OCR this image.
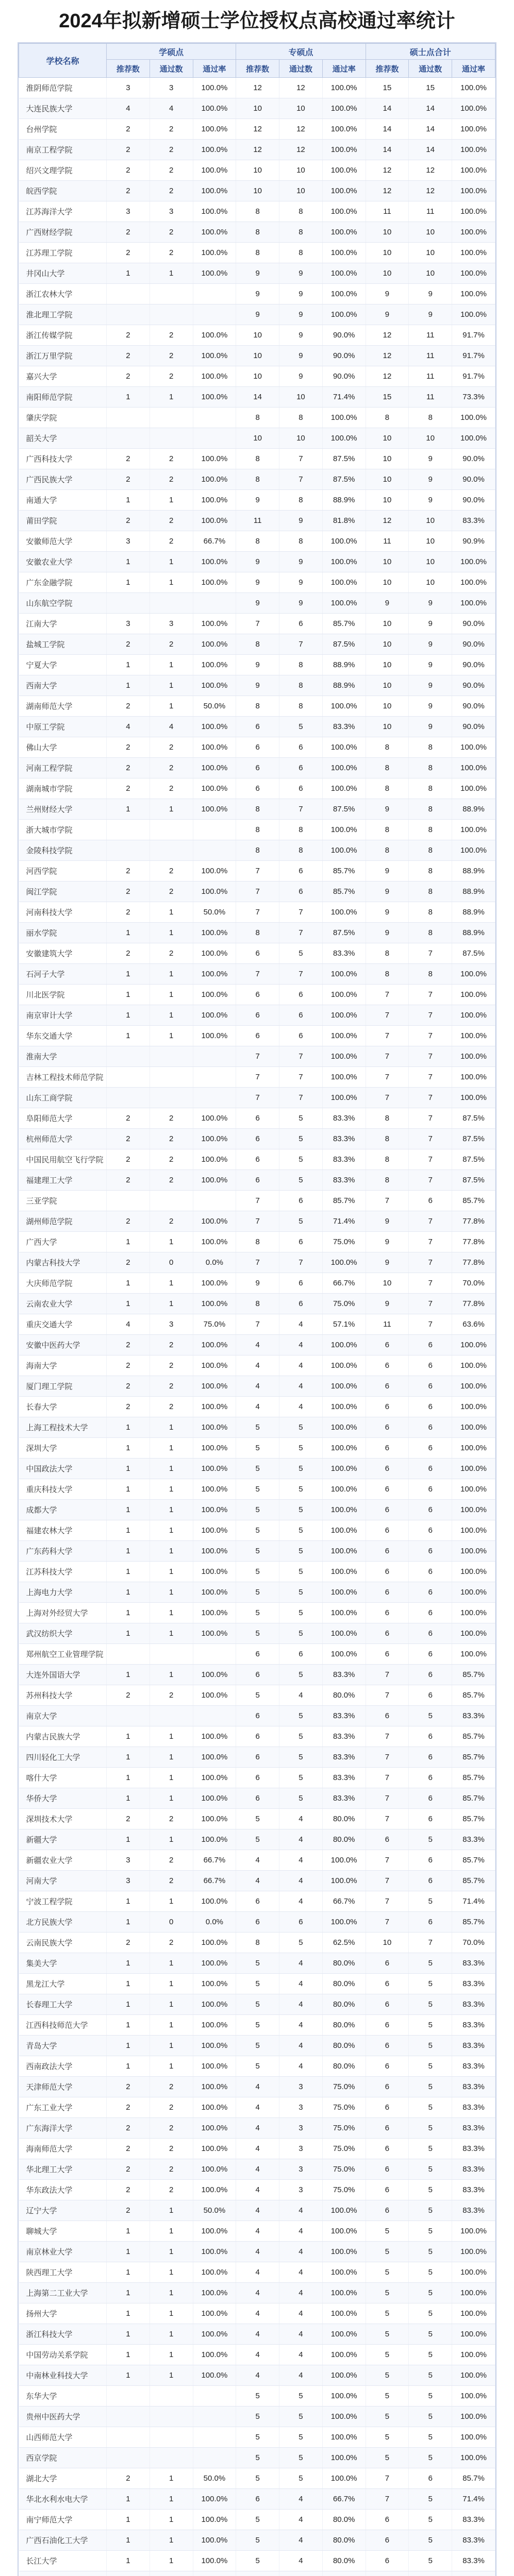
2024年拟新增硕士学位授权点高校通过率统计
学校名称	学硕点			专硕点			硕士点合计		
	推荐数	通过数	通过率	推荐数	通过数	通过率	推荐数	通过数	通过率
淮阴师范学院	3	3	100.0%	12	12	100.0%	15	15	100.0%
大连民族大学	4	4	100.0%	10	10	100.0%	14	14	100.0%
台州学院	2	2	100.0%	12	12	100.0%	14	14	100.0%
南京工程学院	2	2	100.0%	12	12	100.0%	14	14	100.0%
绍兴文理学院	2	2	100.0%	10	10	100.0%	12	12	100.0%
皖西学院	2	2	100.0%	10	10	100.0%	12	12	100.0%
江苏海洋大学	3	3	100.0%	8	8	100.0%	11	11	100.0%
广西财经学院	2	2	100.0%	8	8	100.0%	10	10	100.0%
江苏理工学院	2	2	100.0%	8	8	100.0%	10	10	100.0%
井冈山大学	1	1	100.0%	9	9	100.0%	10	10	100.0%
浙江农林大学				9	9	100.0%	9	9	100.0%
淮北理工学院				9	9	100.0%	9	9	100.0%
浙江传媒学院	2	2	100.0%	10	9	90.0%	12	11	91.7%
浙江万里学院	2	2	100.0%	10	9	90.0%	12	11	91.7%
嘉兴大学	2	2	100.0%	10	9	90.0%	12	11	91.7%
南阳师范学院	1	1	100.0%	14	10	71.4%	15	11	73.3%
肇庆学院				8	8	100.0%	8	8	100.0%
韶关大学				10	10	100.0%	10	10	100.0%
广西科技大学	2	2	100.0%	8	7	87.5%	10	9	90.0%
广西民族大学	2	2	100.0%	8	7	87.5%	10	9	90.0%
南通大学	1	1	100.0%	9	8	88.9%	10	9	90.0%
莆田学院	2	2	100.0%	11	9	81.8%	12	10	83.3%
安徽师范大学	3	2	66.7%	8	8	100.0%	11	10	90.9%
安徽农业大学	1	1	100.0%	9	9	100.0%	10	10	100.0%
广东金融学院	1	1	100.0%	9	9	100.0%	10	10	100.0%
山东航空学院				9	9	100.0%	9	9	100.0%
江南大学	3	3	100.0%	7	6	85.7%	10	9	90.0%
盐城工学院	2	2	100.0%	8	7	87.5%	10	9	90.0%
宁夏大学	1	1	100.0%	9	8	88.9%	10	9	90.0%
西南大学	1	1	100.0%	9	8	88.9%	10	9	90.0%
湖南师范大学	2	1	50.0%	8	8	100.0%	10	9	90.0%
中原工学院	4	4	100.0%	6	5	83.3%	10	9	90.0%
佛山大学	2	2	100.0%	6	6	100.0%	8	8	100.0%
河南工程学院	2	2	100.0%	6	6	100.0%	8	8	100.0%
湖南城市学院	2	2	100.0%	6	6	100.0%	8	8	100.0%
兰州财经大学	1	1	100.0%	8	7	87.5%	9	8	88.9%
浙大城市学院				8	8	100.0%	8	8	100.0%
金陵科技学院				8	8	100.0%	8	8	100.0%
河西学院	2	2	100.0%	7	6	85.7%	9	8	88.9%
闽江学院	2	2	100.0%	7	6	85.7%	9	8	88.9%
河南科技大学	2	1	50.0%	7	7	100.0%	9	8	88.9%
丽水学院	1	1	100.0%	8	7	87.5%	9	8	88.9%
安徽建筑大学	2	2	100.0%	6	5	83.3%	8	7	87.5%
石河子大学	1	1	100.0%	7	7	100.0%	8	8	100.0%
川北医学院	1	1	100.0%	6	6	100.0%	7	7	100.0%
南京审计大学	1	1	100.0%	6	6	100.0%	7	7	100.0%
华东交通大学	1	1	100.0%	6	6	100.0%	7	7	100.0%
淮南大学				7	7	100.0%	7	7	100.0%
吉林工程技术师范学院				7	7	100.0%	7	7	100.0%
山东工商学院				7	7	100.0%	7	7	100.0%
阜阳师范大学	2	2	100.0%	6	5	83.3%	8	7	87.5%
杭州师范大学	2	2	100.0%	6	5	83.3%	8	7	87.5%
中国民用航空飞行学院	2	2	100.0%	6	5	83.3%	8	7	87.5%
福建理工大学	2	2	100.0%	6	5	83.3%	8	7	87.5%
三亚学院				7	6	85.7%	7	6	85.7%
湖州师范学院	2	2	100.0%	7	5	71.4%	9	7	77.8%
广西大学	1	1	100.0%	8	6	75.0%	9	7	77.8%
内蒙古科技大学	2	0	0.0%	7	7	100.0%	9	7	77.8%
大庆师范学院	1	1	100.0%	9	6	66.7%	10	7	70.0%
云南农业大学	1	1	100.0%	8	6	75.0%	9	7	77.8%
重庆交通大学	4	3	75.0%	7	4	57.1%	11	7	63.6%
安徽中医药大学	2	2	100.0%	4	4	100.0%	6	6	100.0%
海南大学	2	2	100.0%	4	4	100.0%	6	6	100.0%
厦门理工学院	2	2	100.0%	4	4	100.0%	6	6	100.0%
长春大学	2	2	100.0%	4	4	100.0%	6	6	100.0%
上海工程技术大学	1	1	100.0%	5	5	100.0%	6	6	100.0%
深圳大学	1	1	100.0%	5	5	100.0%	6	6	100.0%
中国政法大学	1	1	100.0%	5	5	100.0%	6	6	100.0%
重庆科技大学	1	1	100.0%	5	5	100.0%	6	6	100.0%
成都大学	1	1	100.0%	5	5	100.0%	6	6	100.0%
福建农林大学	1	1	100.0%	5	5	100.0%	6	6	100.0%
广东药科大学	1	1	100.0%	5	5	100.0%	6	6	100.0%
江苏科技大学	1	1	100.0%	5	5	100.0%	6	6	100.0%
上海电力大学	1	1	100.0%	5	5	100.0%	6	6	100.0%
上海对外经贸大学	1	1	100.0%	5	5	100.0%	6	6	100.0%
武汉纺织大学	1	1	100.0%	5	5	100.0%	6	6	100.0%
郑州航空工业管理学院				6	6	100.0%	6	6	100.0%
大连外国语大学	1	1	100.0%	6	5	83.3%	7	6	85.7%
苏州科技大学	2	2	100.0%	5	4	80.0%	7	6	85.7%
南京大学				6	5	83.3%	6	5	83.3%
内蒙古民族大学	1	1	100.0%	6	5	83.3%	7	6	85.7%
四川轻化工大学	1	1	100.0%	6	5	83.3%	7	6	85.7%
喀什大学	1	1	100.0%	6	5	83.3%	7	6	85.7%
华侨大学	1	1	100.0%	6	5	83.3%	7	6	85.7%
深圳技术大学	2	2	100.0%	5	4	80.0%	7	6	85.7%
新疆大学	1	1	100.0%	5	4	80.0%	6	5	83.3%
新疆农业大学	3	2	66.7%	4	4	100.0%	7	6	85.7%
河南大学	3	2	66.7%	4	4	100.0%	7	6	85.7%
宁波工程学院	1	1	100.0%	6	4	66.7%	7	5	71.4%
北方民族大学	1	0	0.0%	6	6	100.0%	7	6	85.7%
云南民族大学	2	2	100.0%	8	5	62.5%	10	7	70.0%
集美大学	1	1	100.0%	5	4	80.0%	6	5	83.3%
黑龙江大学	1	1	100.0%	5	4	80.0%	6	5	83.3%
长春理工大学	1	1	100.0%	5	4	80.0%	6	5	83.3%
江西科技师范大学	1	1	100.0%	5	4	80.0%	6	5	83.3%
青岛大学	1	1	100.0%	5	4	80.0%	6	5	83.3%
西南政法大学	1	1	100.0%	5	4	80.0%	6	5	83.3%
天津师范大学	2	2	100.0%	4	3	75.0%	6	5	83.3%
广东工业大学	2	2	100.0%	4	3	75.0%	6	5	83.3%
广东海洋大学	2	2	100.0%	4	3	75.0%	6	5	83.3%
海南师范大学	2	2	100.0%	4	3	75.0%	6	5	83.3%
华北理工大学	2	2	100.0%	4	3	75.0%	6	5	83.3%
华东政法大学	2	2	100.0%	4	3	75.0%	6	5	83.3%
辽宁大学	2	1	50.0%	4	4	100.0%	6	5	83.3%
聊城大学	1	1	100.0%	4	4	100.0%	5	5	100.0%
南京林业大学	1	1	100.0%	4	4	100.0%	5	5	100.0%
陕西理工大学	1	1	100.0%	4	4	100.0%	5	5	100.0%
上海第二工业大学	1	1	100.0%	4	4	100.0%	5	5	100.0%
扬州大学	1	1	100.0%	4	4	100.0%	5	5	100.0%
浙江科技大学	1	1	100.0%	4	4	100.0%	5	5	100.0%
中国劳动关系学院	1	1	100.0%	4	4	100.0%	5	5	100.0%
中南林业科技大学	1	1	100.0%	4	4	100.0%	5	5	100.0%
东华大学				5	5	100.0%	5	5	100.0%
贵州中医药大学				5	5	100.0%	5	5	100.0%
山西师范大学				5	5	100.0%	5	5	100.0%
西京学院				5	5	100.0%	5	5	100.0%
湖北大学	2	1	50.0%	5	5	100.0%	7	6	85.7%
华北水利水电大学	1	1	100.0%	6	4	66.7%	7	5	71.4%
南宁师范大学	1	1	100.0%	5	4	80.0%	6	5	83.3%
广西石油化工大学	1	1	100.0%	5	4	80.0%	6	5	83.3%
长江大学	1	1	100.0%	5	4	80.0%	6	5	83.3%
